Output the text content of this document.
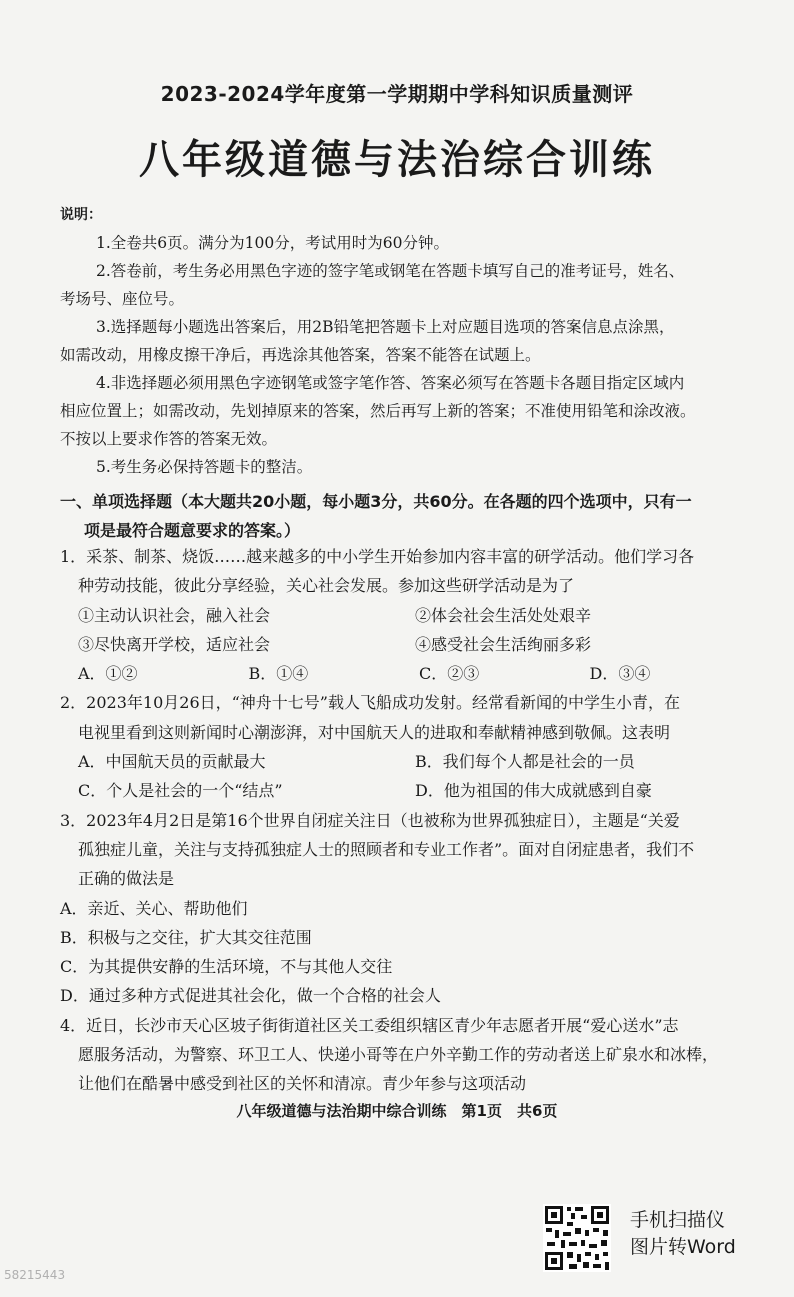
2023-2024学年度第一学期期中学科知识质量测评
八年级道德与法治综合训练

说明：

1.全卷共6页。满分为100分，考试用时为60分钟。

2.答卷前，考生务必用黑色字迹的签字笔或钢笔在答题卡填写自己的准考证号，姓名、

考场号、座位号。

3.选择题每小题选出答案后，用2B铅笔把答题卡上对应题目选项的答案信息点涂黑，

如需改动，用橡皮擦干净后，再选涂其他答案，答案不能答在试题上。

4.非选择题必须用黑色字迹钢笔或签字笔作答、答案必须写在答题卡各题目指定区域内

相应位置上；如需改动，先划掉原来的答案，然后再写上新的答案；不准使用铅笔和涂改液。

不按以上要求作答的答案无效。

5.考生务必保持答题卡的整洁。

一、单项选择题（本大题共20小题，每小题3分，共60分。在各题的四个选项中，只有一
项是最符合题意要求的答案。）

1．采茶、制茶、烧饭……越来越多的中小学生开始参加内容丰富的研学活动。他们学习各

种劳动技能，彼此分享经验，关心社会发展。参加这些研学活动是为了

①主动认识社会，融入社会	②体会社会生活处处艰辛
③尽快离开学校，适应社会	④感受社会生活绚丽多彩
A．①②	B．①④	C．②③	D．③④

2．2023年10月26日，“神舟十七号”载人飞船成功发射。经常看新闻的中学生小青，在

电视里看到这则新闻时心潮澎湃，对中国航天人的进取和奉献精神感到敬佩。这表明

A．中国航天员的贡献最大	B．我们每个人都是社会的一员
C．个人是社会的一个“结点”	D．他为祖国的伟大成就感到自豪

3．2023年4月2日是第16个世界自闭症关注日（也被称为世界孤独症日），主题是“关爱

孤独症儿童，关注与支持孤独症人士的照顾者和专业工作者”。面对自闭症患者，我们不

正确的做法是

A．亲近、关心、帮助他们

B．积极与之交往，扩大其交往范围

C．为其提供安静的生活环境，不与其他人交往

D．通过多种方式促进其社会化，做一个合格的社会人

4．近日，长沙市天心区坡子街街道社区关工委组织辖区青少年志愿者开展“爱心送水”志

愿服务活动，为警察、环卫工人、快递小哥等在户外辛勤工作的劳动者送上矿泉水和冰棒，

让他们在酷暑中感受到社区的关怀和清凉。青少年参与这项活动

八年级道德与法治期中综合训练　第1页　共6页

手机扫描仪

图片转Word

58215443
